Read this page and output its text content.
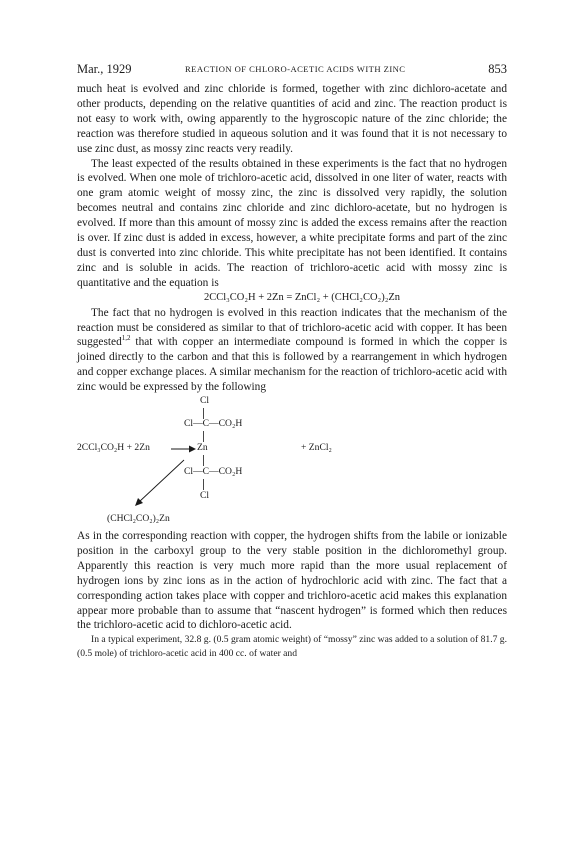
Mar., 1929	REACTION OF CHLORO-ACETIC ACIDS WITH ZINC	853

much heat is evolved and zinc chloride is formed, together with zinc dichloro-acetate and other products, depending on the relative quantities of acid and zinc. The reaction product is not easy to work with, owing apparently to the hygroscopic nature of the zinc chloride; the reaction was therefore studied in aqueous solution and it was found that it is not necessary to use zinc dust, as mossy zinc reacts very readily.

The least expected of the results obtained in these experiments is the fact that no hydrogen is evolved. When one mole of trichloro-acetic acid, dissolved in one liter of water, reacts with one gram atomic weight of mossy zinc, the zinc is dissolved very rapidly, the solution becomes neutral and contains zinc chloride and zinc dichloro-acetate, but no hydrogen is evolved. If more than this amount of mossy zinc is added the excess remains after the reaction is over. If zinc dust is added in excess, however, a white precipitate forms and part of the zinc dust is converted into zinc chloride. This white precipitate has not been identified. It contains zinc and is soluble in acids. The reaction of trichloro-acetic acid with mossy zinc is quantitative and the equation is

2CCl₃CO₂H + 2Zn = ZnCl₂ + (CHCl₂CO₂)₂Zn

The fact that no hydrogen is evolved in this reaction indicates that the mechanism of the reaction must be considered as similar to that of trichloro-acetic acid with copper. It has been suggested$^{1,2}$ that with copper an intermediate compound is formed in which the copper is joined directly to the carbon and that this is followed by a rearrangement in which hydrogen and copper exchange places. A similar mechanism for the reaction of trichloro-acetic acid with zinc would be expressed by the following

Cl
Cl—C—CO₂H
2CCl₃CO₂H + 2Zn	Zn	+ ZnCl₂
Cl—C—CO₂H
Cl
(CHCl₂CO₂)₂Zn

As in the corresponding reaction with copper, the hydrogen shifts from the labile or ionizable position in the carboxyl group to the very stable position in the dichloromethyl group. Apparently this reaction is very much more rapid than the more usual replacement of hydrogen ions by zinc ions as in the action of hydrochloric acid with zinc. The fact that a corresponding action takes place with copper and trichloro-acetic acid makes this explanation appear more probable than to assume that “nascent hydrogen” is formed which then reduces the trichloro-acetic acid to dichloro-acetic acid.

In a typical experiment, 32.8 g. (0.5 gram atomic weight) of “mossy” zinc was added to a solution of 81.7 g. (0.5 mole) of trichloro-acetic acid in 400 cc. of water and
